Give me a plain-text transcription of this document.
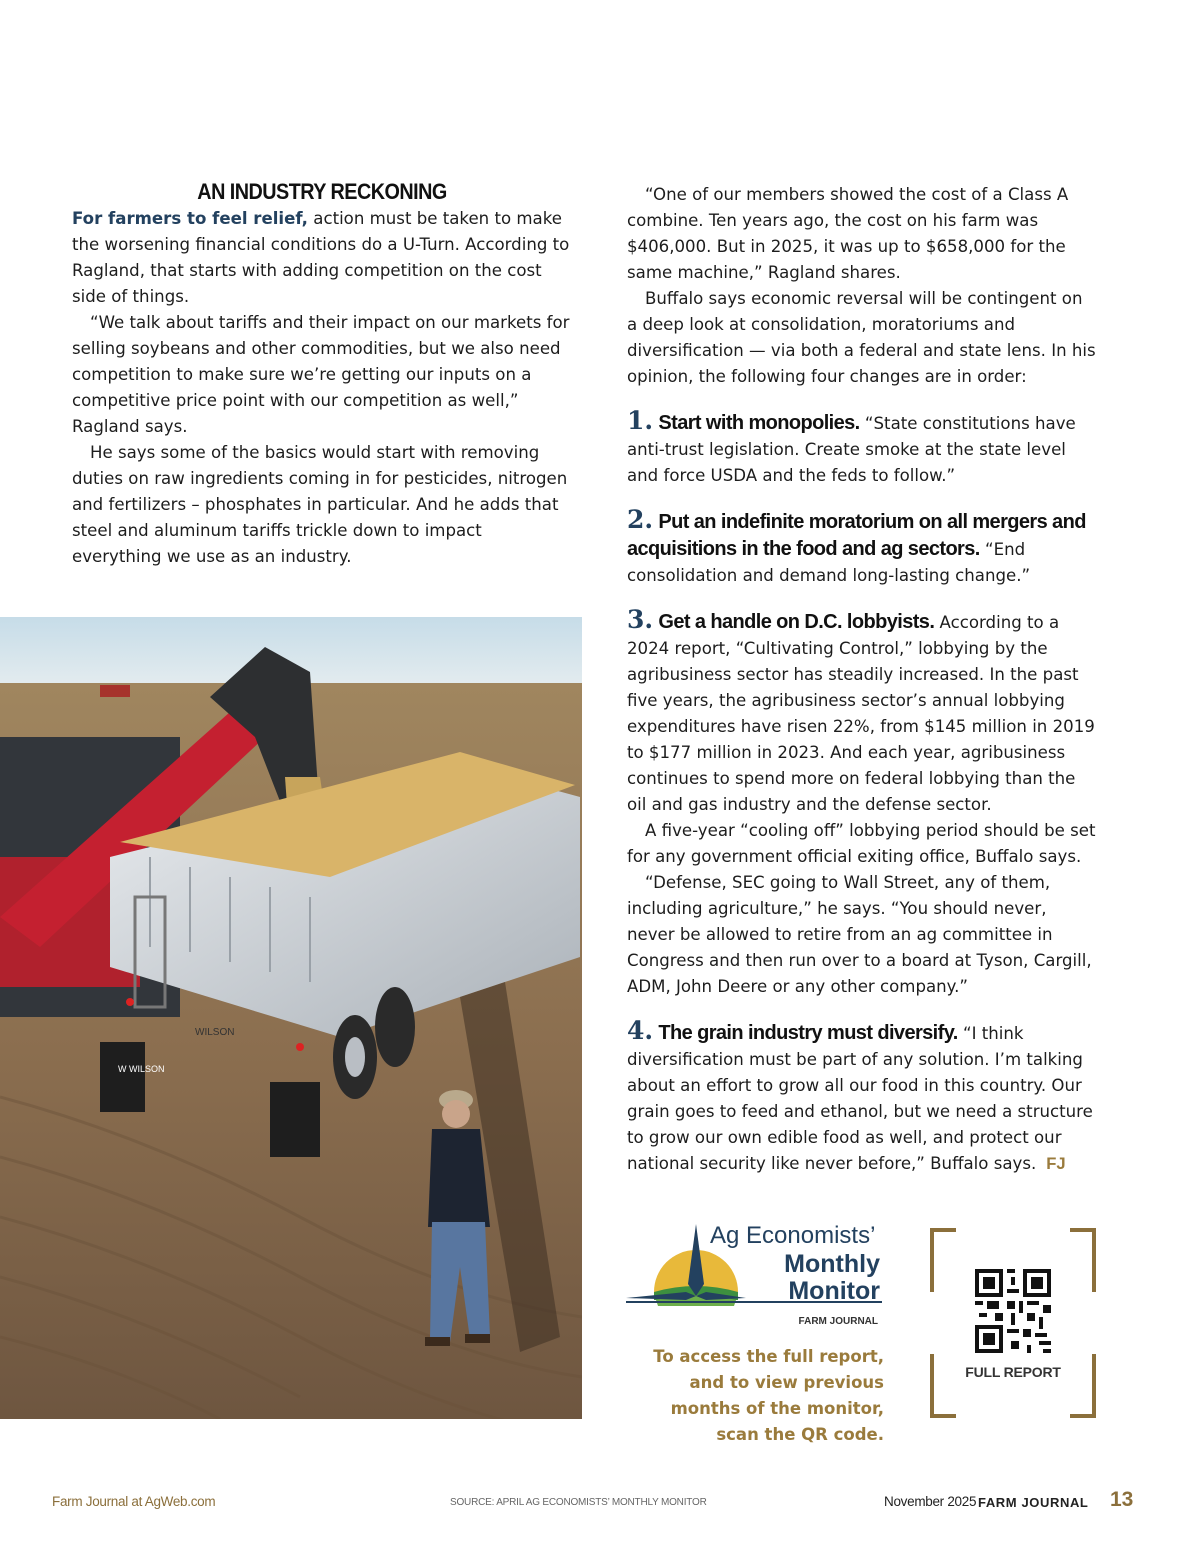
AN INDUSTRY RECKONING

For farmers to feel relief, action must be taken to make the worsening financial conditions do a U-Turn. According to Ragland, that starts with adding competition on the cost side of things.

“We talk about tariffs and their impact on our markets for selling soybeans and other commodities, but we also need competition to make sure we’re getting our inputs on a competitive price point with our competition as well,” Ragland says.

He says some of the basics would start with removing duties on raw ingredients coming in for pesticides, nitrogen and fertilizers – phosphates in particular. And he adds that steel and aluminum tariffs trickle down to impact everything we use as an industry.

“One of our members showed the cost of a Class A combine. Ten years ago, the cost on his farm was $406,000. But in 2025, it was up to $658,000 for the same machine,” Ragland shares.

Buffalo says economic reversal will be contingent on a deep look at consolidation, moratoriums and diversification — via both a federal and state lens. In his opinion, the following four changes are in order:

1. Start with monopolies. “State constitutions have anti-trust legislation. Create smoke at the state level and force USDA and the feds to follow.”

2. Put an indefinite moratorium on all mergers and acquisitions in the food and ag sectors. “End consolidation and demand long-lasting change.”

3. Get a handle on D.C. lobbyists. According to a 2024 report, “Cultivating Control,” lobbying by the agribusiness sector has steadily increased. In the past five years, the agribusiness sector’s annual lobbying expenditures have risen 22%, from $145 million in 2019 to $177 million in 2023. And each year, agribusiness continues to spend more on federal lobbying than the oil and gas industry and the defense sector.

A five-year “cooling off” lobbying period should be set for any government official exiting office, Buffalo says.

“Defense, SEC going to Wall Street, any of them, including agriculture,” he says. “You should never, never be allowed to retire from an ag committee in Congress and then run over to a board at Tyson, Cargill, ADM, John Deere or any other company.”

4. The grain industry must diversify. “I think diversification must be part of any solution. I’m talking about an effort to grow all our food in this country. Our grain goes to feed and ethanol, but we need a structure to grow our own edible food as well, and protect our national security like never before,” Buffalo says. FJ

W WILSON
WILSON
Ag Economists’
Monthly
Monitor
FARM JOURNAL
To access the full report, and to view previous months of the monitor, scan the QR code.
FULL REPORT
Farm Journal at AgWeb.com	SOURCE: APRIL AG ECONOMISTS’ MONTHLY MONITOR	November 2025 FARM JOURNAL 13
